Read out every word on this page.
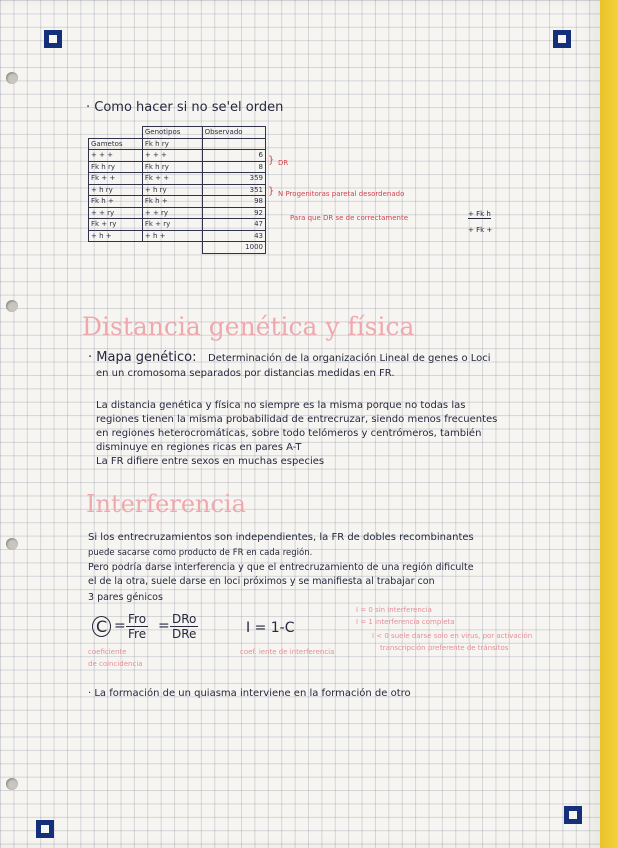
· Como hacer si no se'el orden
	Genotipos	Observado
Gametos	Fk h ry	
+ + +	+ + +	6
Fk h ry	Fk h ry	8
Fk + +	Fk + +	359
+ h ry	+ h ry	351
Fk h +	Fk h +	98
+ + ry	+ + ry	92
Fk + ry	Fk + ry	47
+ h +	+ h +	43
		1000
} DR
} N Progenitoras paretal desordenado
Para que DR se de correctamente	+ Fk h
+ Fk +
Distancia genética y física
· Mapa genético: Determinación de la organización Lineal de genes o Loci
en un cromosoma separados por distancias medidas en FR.
La distancia genética y física no siempre es la misma porque no todas las
regiones tienen la misma probabilidad de entrecruzar, siendo menos frecuentes
en regiones heterocromáticas, sobre todo telómeros y centrómeros, también
disminuye en regiones ricas en pares A-T
La FR difiere entre sexos en muchas especies
Interferencia
Si los entrecruzamientos son independientes, la FR de dobles recombinantes
puede sacarse como producto de FR en cada región.
Pero podría darse interferencia y que el entrecruzamiento de una región dificulte
el de la otra, suele darse en loci próximos y se manifiesta al trabajar con
3 pares génicos
C = Fro
Fre = DRo
DRe
coeficiente
de coincidencia
I = 1-C
coef. iente de interferencia
I = 0 sin interferencia
I = 1 interferencia completa
I < 0 suele darse solo en virus, por activación
transcripción preferente de tránsitos
· La formación de un quiasma interviene en la formación de otro
